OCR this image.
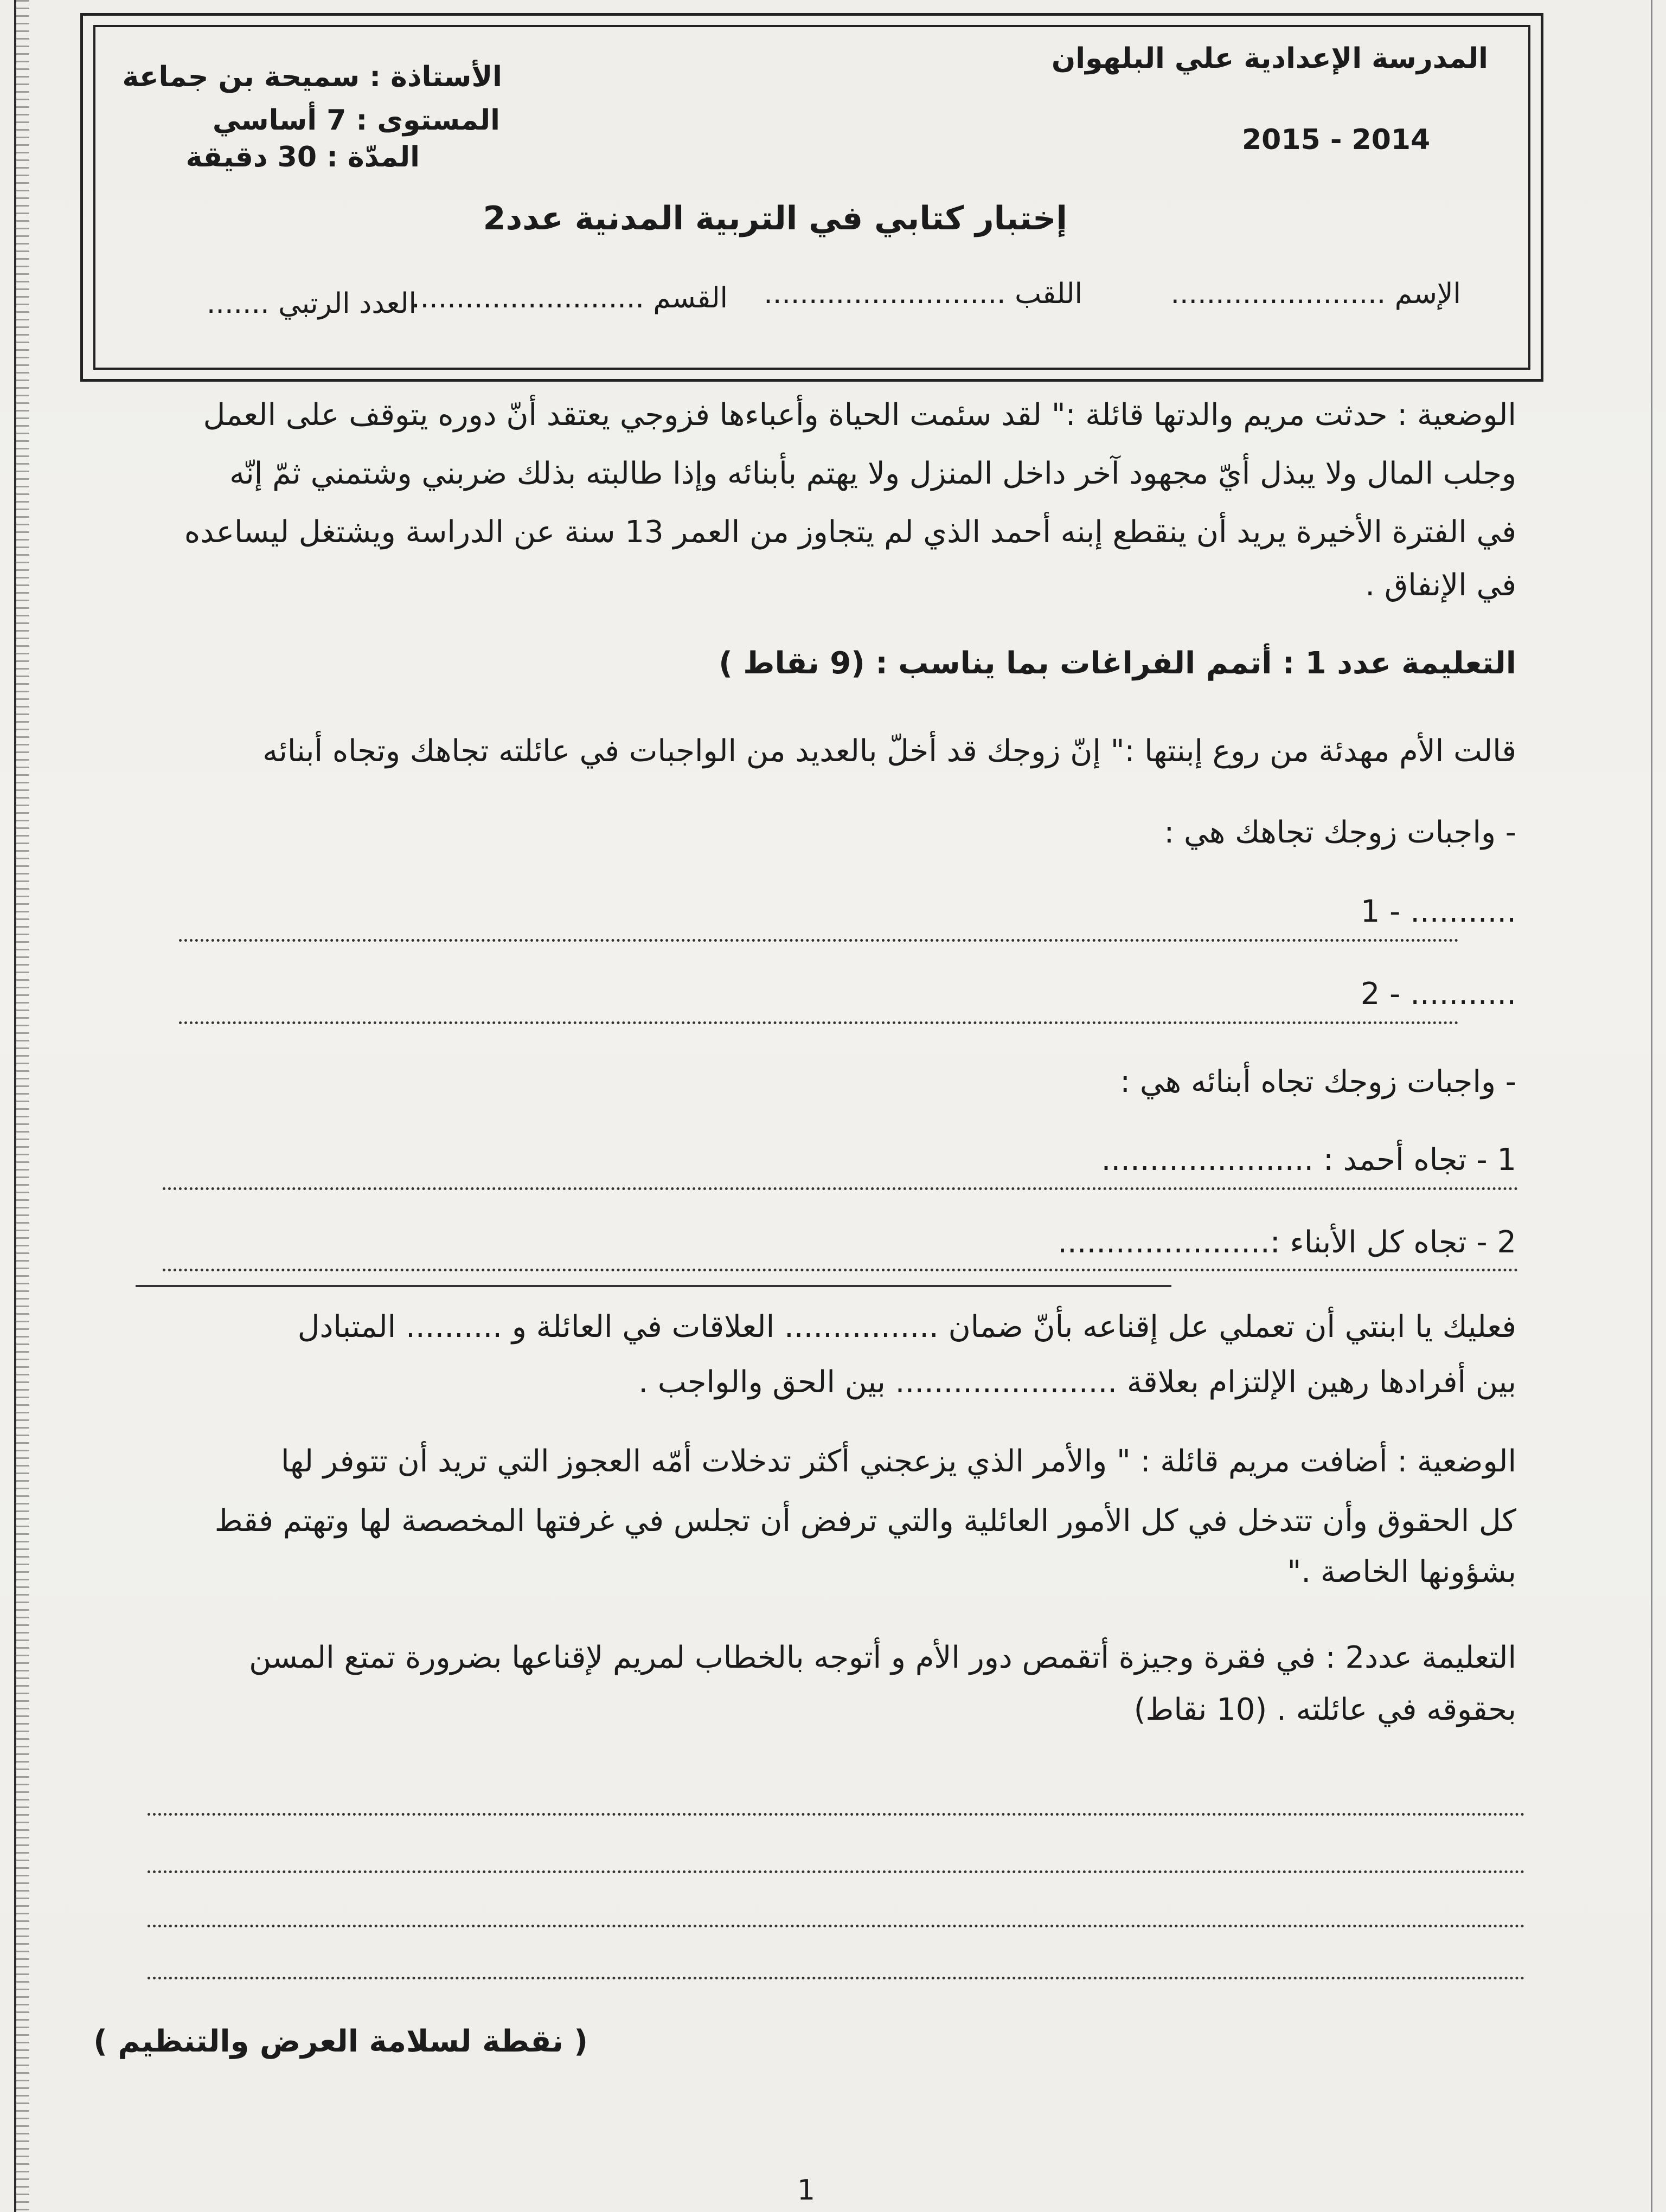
المدرسة الإعدادية علي البلهوان
2015 - 2014
الأستاذة : سميحة بن جماعة
المستوى : 7 أساسي
المدّة : 30 دقيقة
إختبار كتابي في التربية المدنية عدد2
الإسم ........................
اللقب ...........................
القسم ..........................
العدد الرتبي .......
الوضعية : حدثت مريم والدتها قائلة :" لقد سئمت الحياة وأعباءها فزوجي يعتقد أنّ دوره يتوقف على العمل
وجلب المال ولا يبذل أيّ مجهود آخر داخل المنزل ولا يهتم بأبنائه وإذا طالبته بذلك ضربني وشتمني ثمّ إنّه
في الفترة الأخيرة يريد أن ينقطع إبنه أحمد الذي لم يتجاوز من العمر 13 سنة عن الدراسة ويشتغل ليساعده
في الإنفاق .
التعليمة عدد 1 : أتمم الفراغات بما يناسب : (9 نقاط )
قالت الأم مهدئة من روع إبنتها :" إنّ زوجك قد أخلّ بالعديد من الواجبات في عائلته تجاهك وتجاه أبنائه
- واجبات زوجك تجاهك هي :
1 - ...........
2 - ...........
- واجبات زوجك تجاه أبنائه هي :
1 - تجاه أحمد : ......................
2 - تجاه كل الأبناء :......................
فعليك يا ابنتي أن تعملي عل إقناعه بأنّ ضمان ................ العلاقات في العائلة و .......... المتبادل
بين أفرادها رهين الإلتزام بعلاقة ....................... بين الحق والواجب .
الوضعية : أضافت مريم قائلة : " والأمر الذي يزعجني أكثر تدخلات أمّه العجوز التي تريد أن تتوفر لها
كل الحقوق وأن تتدخل في كل الأمور العائلية والتي ترفض أن تجلس في غرفتها المخصصة لها وتهتم فقط
بشؤونها الخاصة ."
التعليمة عدد2 : في فقرة وجيزة أتقمص دور الأم و أتوجه بالخطاب لمريم لإقناعها بضرورة تمتع المسن
بحقوقه في عائلته . (10 نقاط)
( نقطة لسلامة العرض والتنظيم )
1
